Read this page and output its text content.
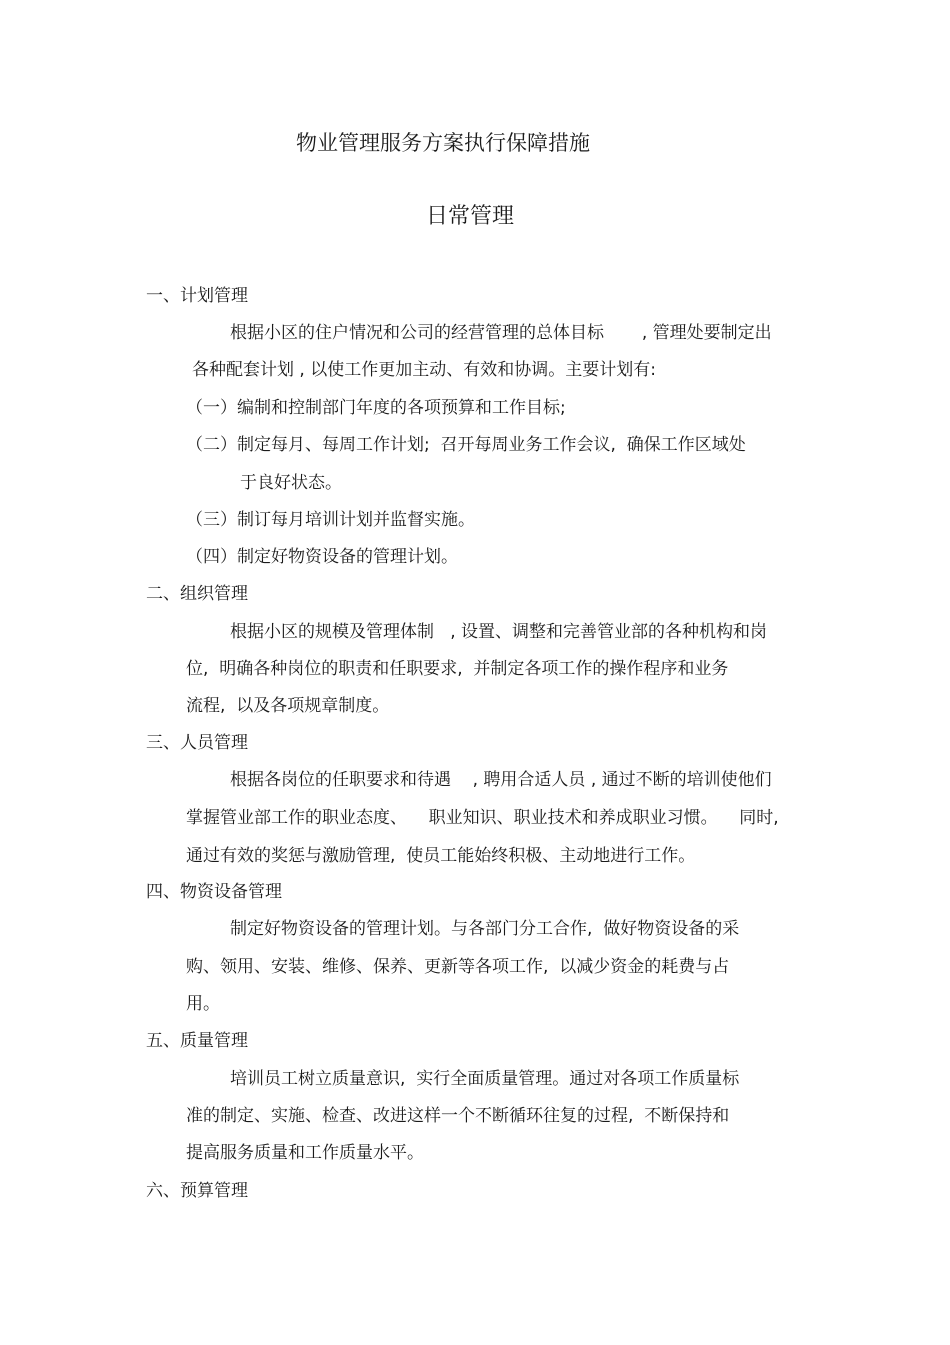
物业管理服务方案执行保障措施
日常管理
一、计划管理
根据小区的住户情况和公司的经营管理的总体目标       , 管理处要制定出
各种配套计划 , 以使工作更加主动、有效和协调。主要计划有:
（一）编制和控制部门年度的各项预算和工作目标;
（二）制定每月、每周工作计划;  召开每周业务工作会议,  确保工作区域处
于良好状态。
（三）制订每月培训计划并监督实施。
（四）制定好物资设备的管理计划。
二、组织管理
根据小区的规模及管理体制   , 设置、调整和完善管业部的各种机构和岗
位,  明确各种岗位的职责和任职要求,  并制定各项工作的操作程序和业务
流程,  以及各项规章制度。
三、人员管理
根据各岗位的任职要求和待遇    , 聘用合适人员 , 通过不断的培训使他们
掌握管业部工作的职业态度、    职业知识、职业技术和养成职业习惯。    同时,
通过有效的奖惩与激励管理,  使员工能始终积极、主动地进行工作。
四、物资设备管理
制定好物资设备的管理计划。与各部门分工合作,  做好物资设备的采
购、领用、安装、维修、保养、更新等各项工作,  以减少资金的耗费与占
用。
五、质量管理
培训员工树立质量意识,  实行全面质量管理。通过对各项工作质量标
准的制定、实施、检查、改进这样一个不断循环往复的过程,  不断保持和
提高服务质量和工作质量水平。
六、预算管理
